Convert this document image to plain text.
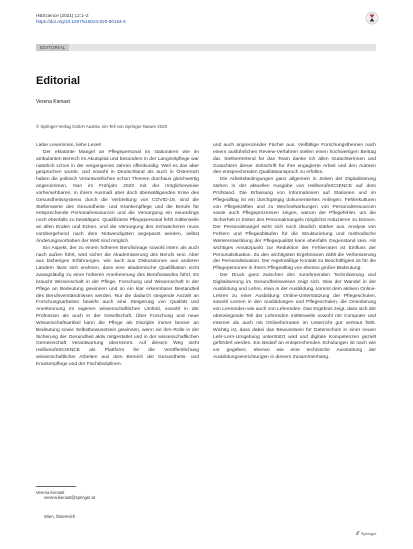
HBScience (2021) 12:1–2
https://doi.org/10.1007/s16024-020-00154-6
EDITORIAL
Editorial
Verena Kienast
© Springer-Verlag GmbH Austria, ein Teil von Springer Nature 2020

Liebe Leserinnen, liebe Leser!

Der eklatante Mangel an Pflegepersonal im stationären wie im ambulanten Bereich im Akutspital und besonders in der Langzeitpflege war natürlich schon in der vergangenen Jahren offenkundig. Weil es das aber gesprochen wurde, und sowohl in Deutschland als auch in Österreich haben die politisch Verantwortlichen schon Themen durchaus gleichwertig angenommen. Nun im Frühjahr 2020 mit der möglicherweise vorhersehbaren, in ihrem Ausmaß aber doch überwältigenden Krise des Gesundheitssystems durch die Verbreitung von COVID-19, sind die Stellenwerte des Gesundheits- und Krankenpflege und die Berufe für entsprechende Personalressourcen und die Versorgung ein neuerdings noch ebenfalls zu bewältigen. Qualifizierte Pflegepersonal fehlt mittlerweile an allen Enden und Ecken, und die Versorgung des Schwächeren muss vorübergehend nach dem Notwendigsten angepasst werden, selbst Änderungsvorhaben der Welt sind möglich.

Ein Aspekt, der zu einem höheren Berufsimage sowohl intern als auch nach außen führt, wird sicher die Akademisierung des Berufs sein. Aber aus bisherigen Erfahrungen, wie auch aus Diskussionen aus anderen Ländern lässt sich erahnen, dass eine akademische Qualifikation nicht zwangsläufig zu einer höheren Anerkennung des Berufsstandes führt. Es braucht Wissenschaft in der Pflege, Forschung und Wissenschaft in der Pflege an Bedeutung gewinnen und so ein klar erkennbarer Bestandteil des Berufsverständnisses werden. Nur die dadurch steigende Anzahl an Forschungsarbeiten bewirkt auch eine Steigerung von Qualität und Anerkennung im eigenen wissenschaftlichen Umfeld, sowohl in der Profession als auch in der Gesellschaft. Über Forschung und neue Wissenschaftsartikel kann die Pflege als Disziplin immer besser an Bedeutung sowie Selbstbewusstsein gewinnen, wenn sie ihre Rolle in der Sicherung der Gesundheit aktiv mitgestaltet und in der wissenschaftlichen Gemeinschaft Verantwortung übernimmt. Auf diesem Weg sieht HeilberufeSCIENCE als Plattform für die Veröffentlichung wissenschaftlicher Arbeiten aus dem Bereich der Gesundheits- und Krankenpflege und der Fachdisziplinen.

und auch angrenzender Fächer aus. Vielfältige Forschungsthemen nach einem ausführlichen Review-Verfahren stellen einen hochwertigen Beitrag dar. Stellvertretend für das Team danke ich allen Gutachterinnen und Gutachtern dieser Zeitschrift für ihre engagierte Arbeit und den Autoren den entsprechenden Qualitätsanspruch zu erfüllen.

Die Arbeitsbedingungen ganz allgemein in Zeiten der Digitalisierung stehen in der aktuellen Ausgabe von HeilberufeSCIENCE auf dem Prüfstand. Die Erfassung von Informationen auf Stationen und im Pflegealltag ist ein durchgängig dokumentiertes Anliegen. Fehlerkulturen von Pflegekräften und zu Wechselwirkungen von Personalressourcen sowie auch Pflegeprozessen zeigen, warum der Pflegefehler, um die Sicherheit in Zeiten des Personalmangels möglichst reduzieren zu können. Der Personalmangel wirkt sich noch deutlich stärker aus. Analyse von Fehlern und Pflegeabläufen für die Strukturierung und methodische Weiterentwicklung der Pflegequalität kann ebenfalls Gegenstand sein. Als wichtiges Ansatzpunkt zur Reduktion der Fehlerraten ist Einfluss der Personalsituation. Zu den wichtigsten Ergebnissen zählt die Verbesserung der Personalsituation. Der regelmäßige Kontakt zu Beschäftigten ist für die Pflegepersonen in ihrem Pflegealltag von ebenso großer Bedeutung.

Der Druck ganz zwischen den zunehmenden Technisierung und Digitalisierung im Gesundheitswesen zeigt sich. Was der Wandel in der Ausbildung und Lehre, etwa in der Ausbildung, kommt dem aktiven Online-Lehren zu einer Ausbildung Online-Unterstützung der Pflegeschulen, sowohl Lernen in den Ausbildungen und Pflegeschulen, die Orientierung von Lernenden wie auch von Lehrenden. Das Ergebnis zeigt, dass sich der überwiegende Teil der Lehrenden mittlerweile sowohl mit Computer und Internet als auch mit Onlineformaten im Unterricht gut vertraut fühlt. Wichtig ist, dass dabei das Bewusstsein für Datenschutz in einer neuen Lehr-Lern-Umgebung unterstützt wird und digitale Kompetenzen gezielt gefördert werden. Ein Bedarf an entsprechenden Schulungen ist nach wie vor gegeben, ebenso wie eine technische Ausstattung der Ausbildungseinrichtungen in diesem Zusammenhang.

Verena Kienast
verena.kienast@springer.at
Wien, Österreich
Springer
